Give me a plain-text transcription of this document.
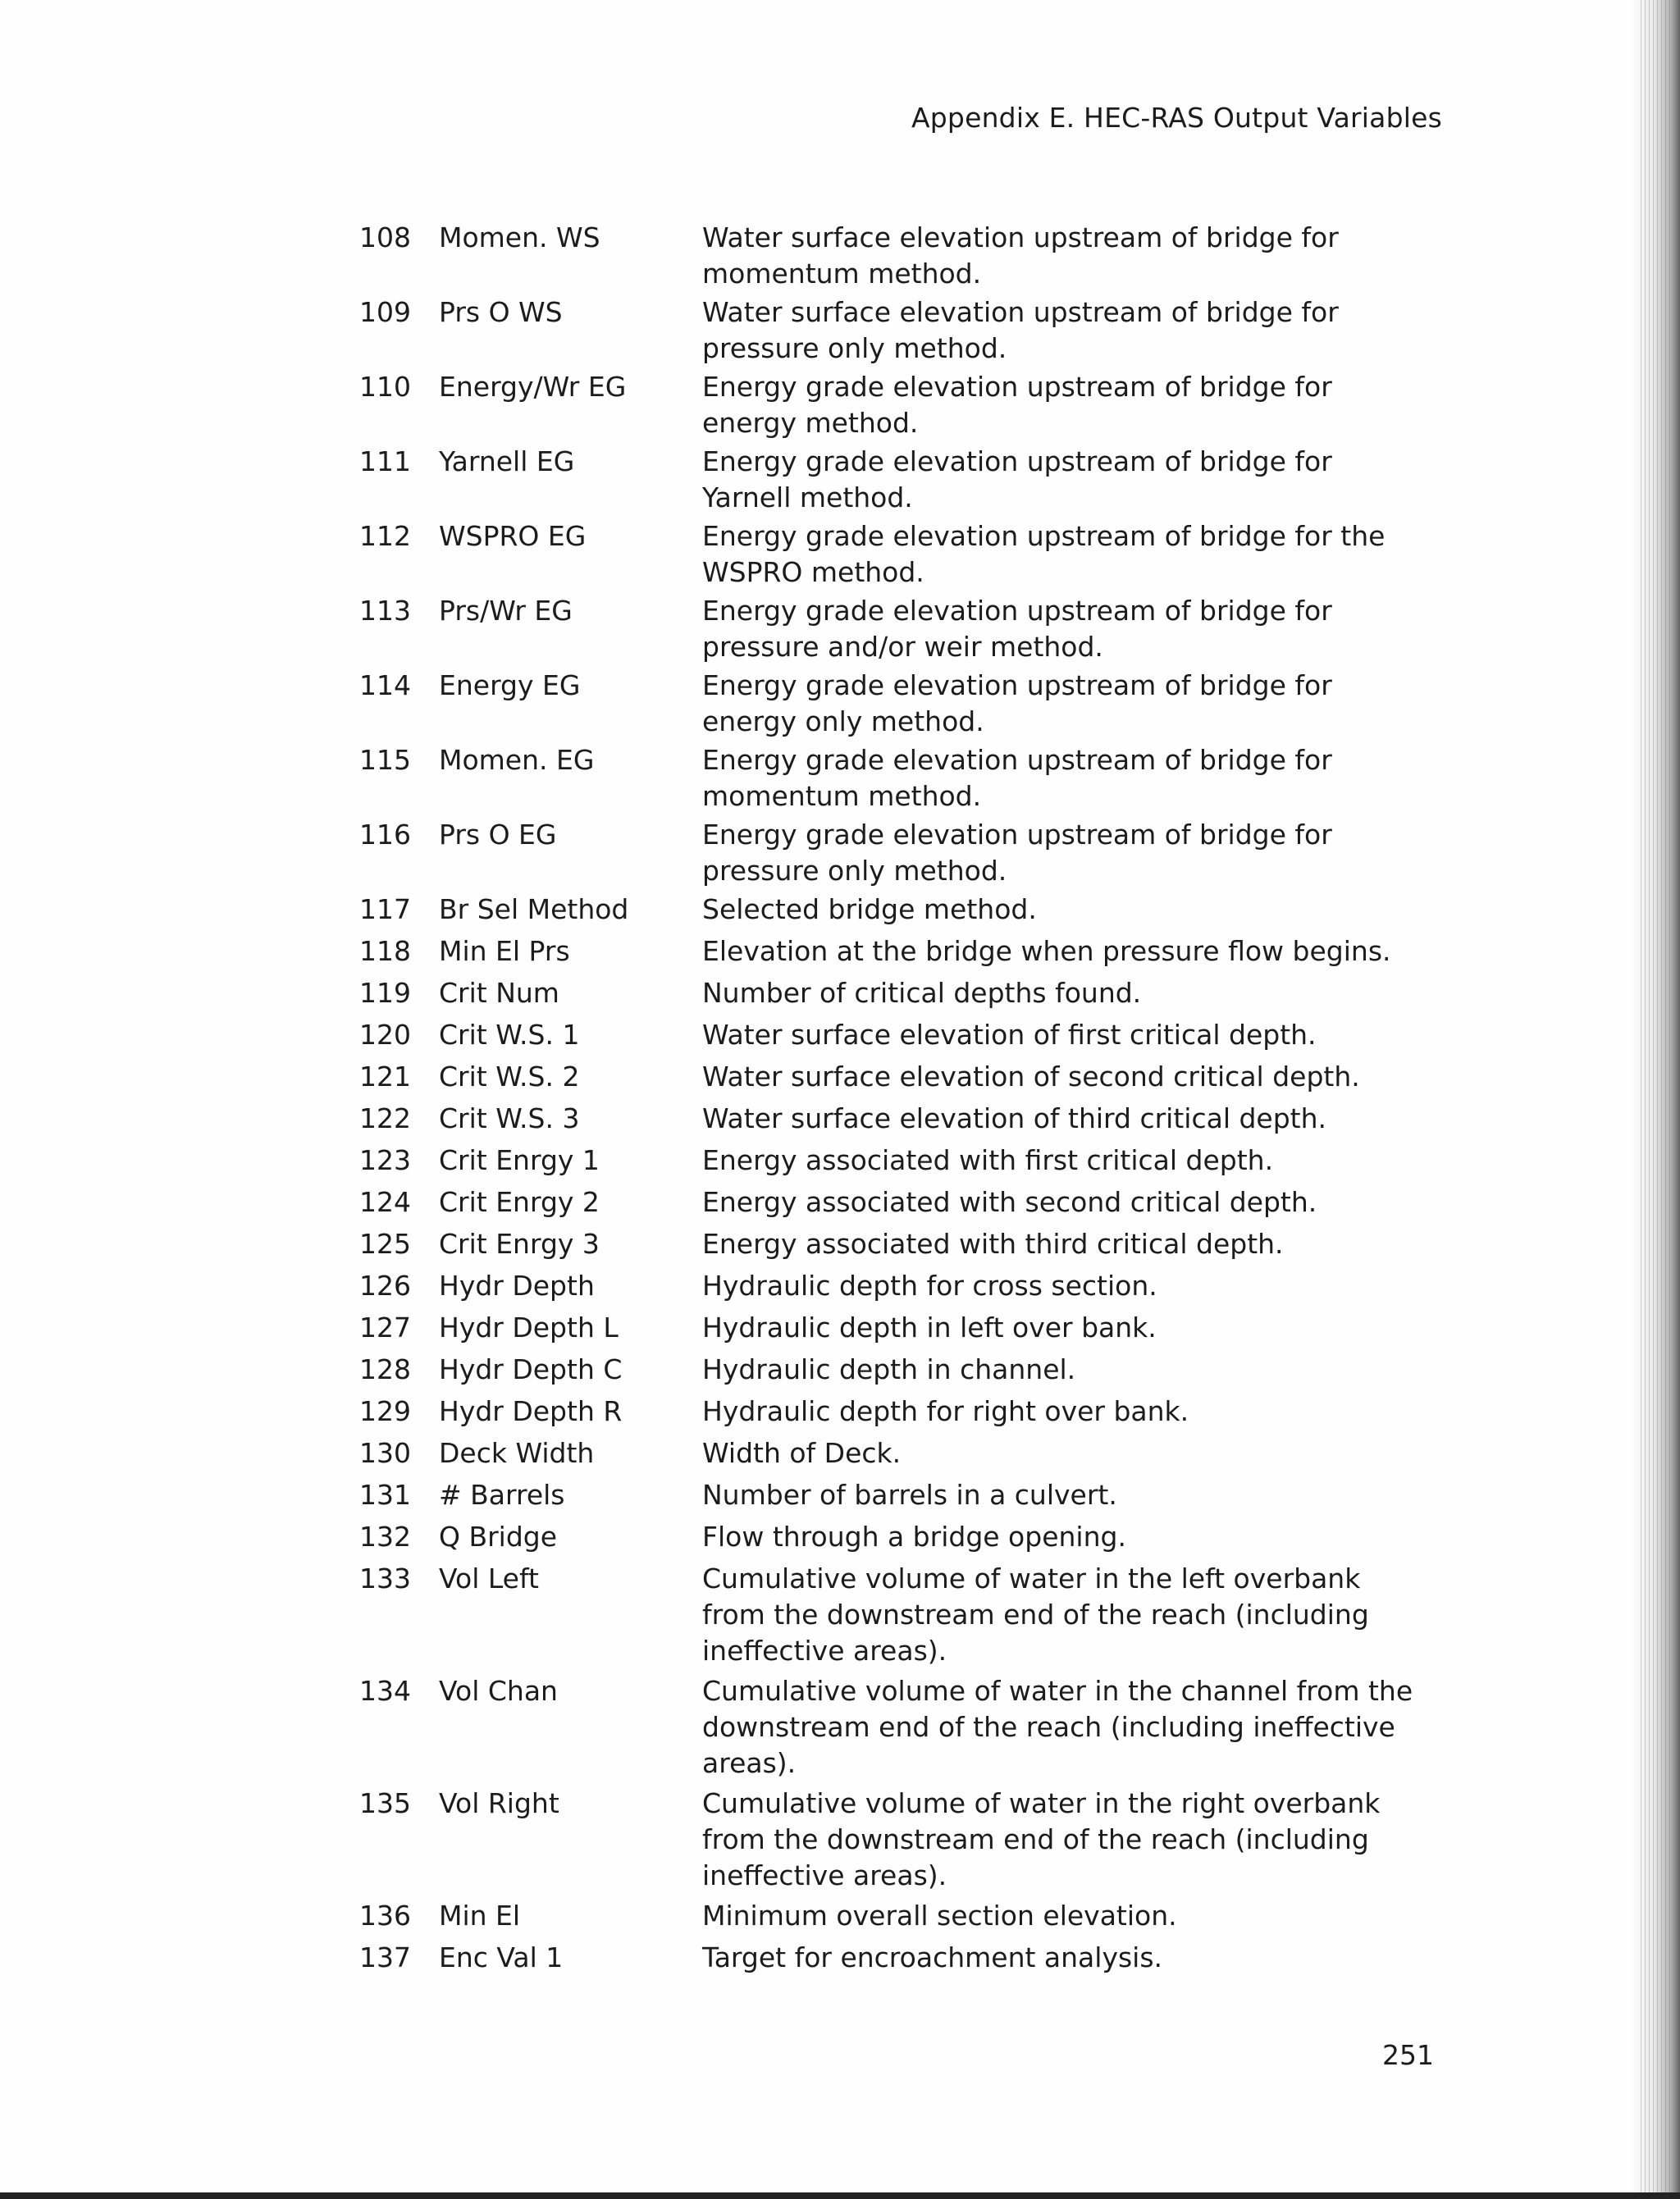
Appendix E. HEC-RAS Output Variables
108 Momen. WS	Water surface elevation upstream of bridge for momentum method.
109 Prs O WS	Water surface elevation upstream of bridge for pressure only method.
110 Energy/Wr EG	Energy grade elevation upstream of bridge for energy method.
111 Yarnell EG	Energy grade elevation upstream of bridge for Yarnell method.
112 WSPRO EG	Energy grade elevation upstream of bridge for the WSPRO method.
113 Prs/Wr EG	Energy grade elevation upstream of bridge for pressure and/or weir method.
114 Energy EG	Energy grade elevation upstream of bridge for energy only method.
115 Momen. EG	Energy grade elevation upstream of bridge for momentum method.
116 Prs O EG	Energy grade elevation upstream of bridge for pressure only method.
117 Br Sel Method	Selected bridge method.
118 Min El Prs	Elevation at the bridge when pressure flow begins.
119 Crit Num	Number of critical depths found.
120 Crit W.S. 1	Water surface elevation of first critical depth.
121 Crit W.S. 2	Water surface elevation of second critical depth.
122 Crit W.S. 3	Water surface elevation of third critical depth.
123 Crit Enrgy 1	Energy associated with first critical depth.
124 Crit Enrgy 2	Energy associated with second critical depth.
125 Crit Enrgy 3	Energy associated with third critical depth.
126 Hydr Depth	Hydraulic depth for cross section.
127 Hydr Depth L	Hydraulic depth in left over bank.
128 Hydr Depth C	Hydraulic depth in channel.
129 Hydr Depth R	Hydraulic depth for right over bank.
130 Deck Width	Width of Deck.
131 # Barrels	Number of barrels in a culvert.
132 Q Bridge	Flow through a bridge opening.
133 Vol Left	Cumulative volume of water in the left overbank from the downstream end of the reach (including ineffective areas).
134 Vol Chan	Cumulative volume of water in the channel from the downstream end of the reach (including ineffective areas).
135 Vol Right	Cumulative volume of water in the right overbank from the downstream end of the reach (including ineffective areas).
136 Min El	Minimum overall section elevation.
137 Enc Val 1	Target for encroachment analysis.
251
